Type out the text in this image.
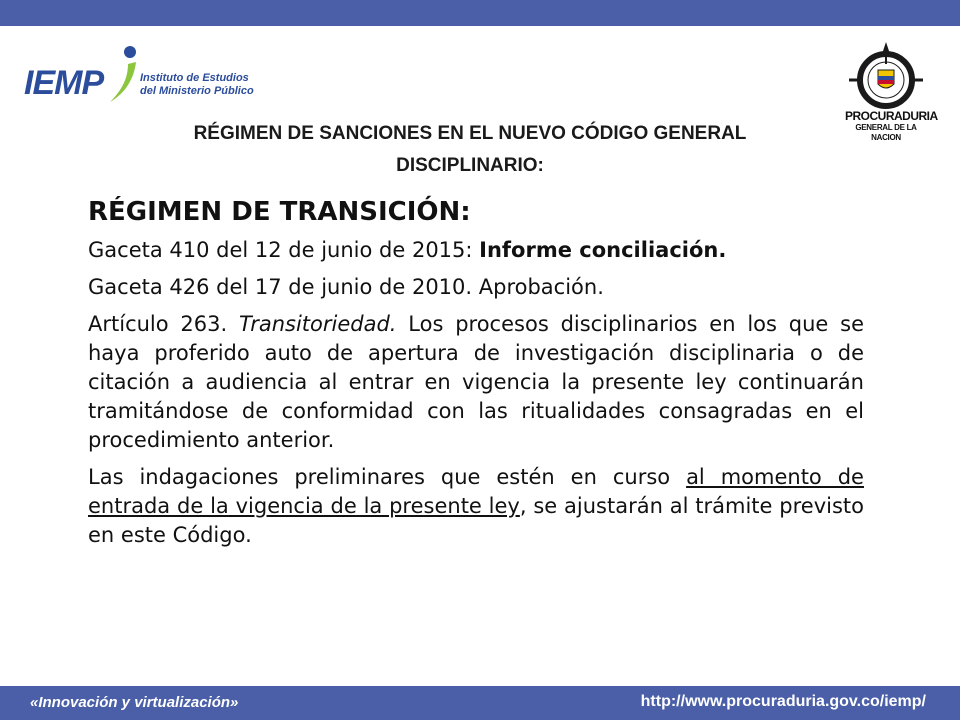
IEMP	Instituto de Estudios
del Ministerio Público
PROCURADURIA
GENERAL DE LA NACION
RÉGIMEN DE SANCIONES EN EL NUEVO CÓDIGO GENERAL
DISCIPLINARIO:
RÉGIMEN DE TRANSICIÓN:

Gaceta 410 del 12 de junio de 2015: Informe conciliación.

Gaceta 426 del 17 de junio de 2010. Aprobación.

Artículo 263. Transitoriedad. Los procesos disciplinarios en los que se haya proferido auto de apertura de investigación disciplinaria o de citación a audiencia al entrar en vigencia la presente ley continuarán tramitándose de conformidad con las ritualidades consagradas en el procedimiento anterior.

Las indagaciones preliminares que estén en curso al momento de entrada de la vigencia de la presente ley, se ajustarán al trámite previsto en este Código.

«Innovación y virtualización»	http://www.procuraduria.gov.co/iemp/
